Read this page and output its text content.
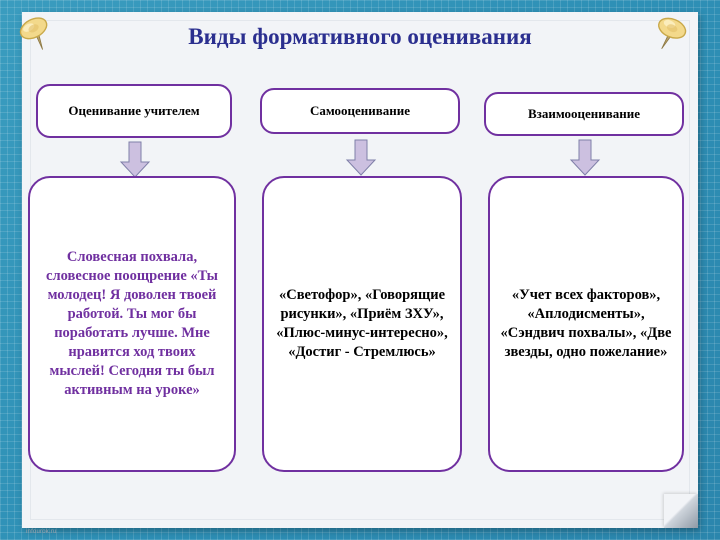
Виды формативного оценивания
Оценивание учителем	Самооценивание	Взаимооценивание
Словесная похвала, словесное поощрение «Ты молодец! Я доволен твоей работой. Ты мог бы поработать лучше. Мне нравится ход твоих мыслей! Сегодня ты был активным на уроке»
«Светофор», «Говорящие рисунки», «Приём ЗХУ», «Плюс-минус-интересно», «Достиг - Стремлюсь»
«Учет всех факторов», «Аплодисменты», «Сэндвич похвалы», «Две звезды, одно пожелание»
infourok.ru
